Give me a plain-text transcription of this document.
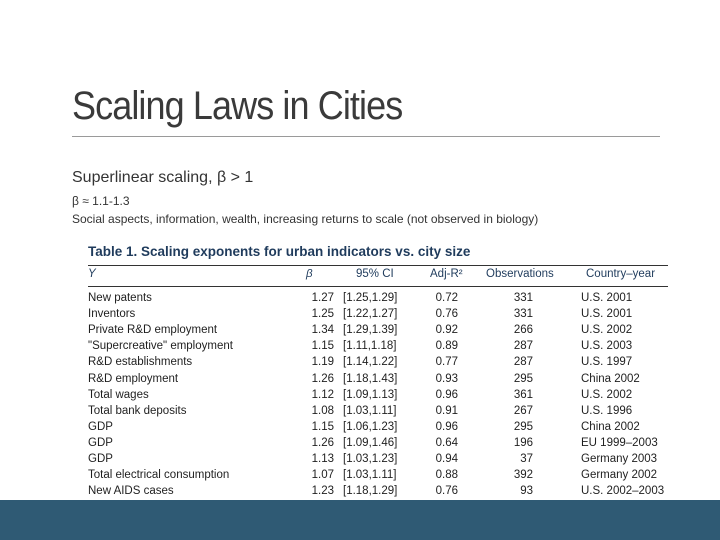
Scaling Laws in Cities
Superlinear scaling, β > 1
β ≈ 1.1-1.3
Social aspects, information, wealth, increasing returns to scale (not observed in biology)
Table 1. Scaling exponents for urban indicators vs. city size
Y	β	95% CI	Adj-R² Observations	Country–year
New patents	1.27 [1.25,1.29]	0.72	331	U.S. 2001
Inventors	1.25 [1.22,1.27]	0.76	331	U.S. 2001
Private R&D employment	1.34 [1.29,1.39]	0.92	266	U.S. 2002
"Supercreative" employment	1.15 [1.11,1.18]	0.89	287	U.S. 2003
R&D establishments	1.19 [1.14,1.22]	0.77	287	U.S. 1997
R&D employment	1.26 [1.18,1.43]	0.93	295	China 2002
Total wages	1.12 [1.09,1.13]	0.96	361	U.S. 2002
Total bank deposits	1.08 [1.03,1.11]	0.91	267	U.S. 1996
GDP	1.15 [1.06,1.23]	0.96	295	China 2002
GDP	1.26 [1.09,1.46]	0.64	196	EU 1999–2003
GDP	1.13 [1.03,1.23]	0.94	37	Germany 2003
Total electrical consumption	1.07 [1.03,1.11]	0.88	392	Germany 2002
New AIDS cases	1.23 [1.18,1.29]	0.76	93	U.S. 2002–2003
